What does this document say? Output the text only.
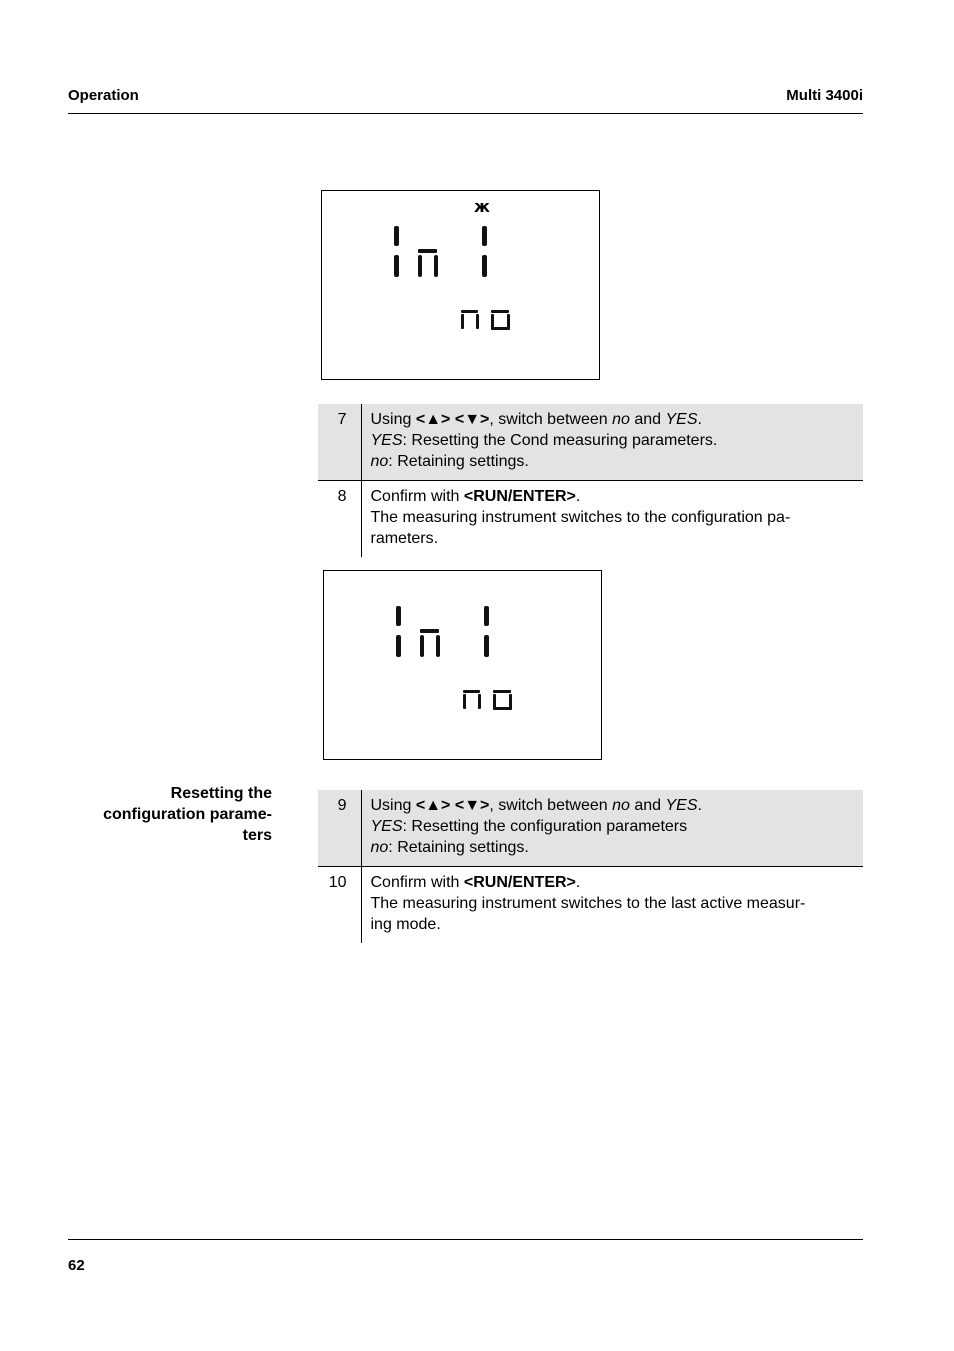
Operation	Multi 3400i
ж
7	Using <▲> <▼>, switch between no and YES.
YES: Resetting the Cond measuring parameters.
no: Retaining settings.

8	Confirm with <RUN/ENTER>.
The measuring instrument switches to the configuration pa-
rameters.
Resetting the
configuration parame-
ters
9	Using <▲> <▼>, switch between no and YES.
YES: Resetting the configuration parameters
no: Retaining settings.

10	Confirm with <RUN/ENTER>.
The measuring instrument switches to the last active measur-
ing mode.
62
